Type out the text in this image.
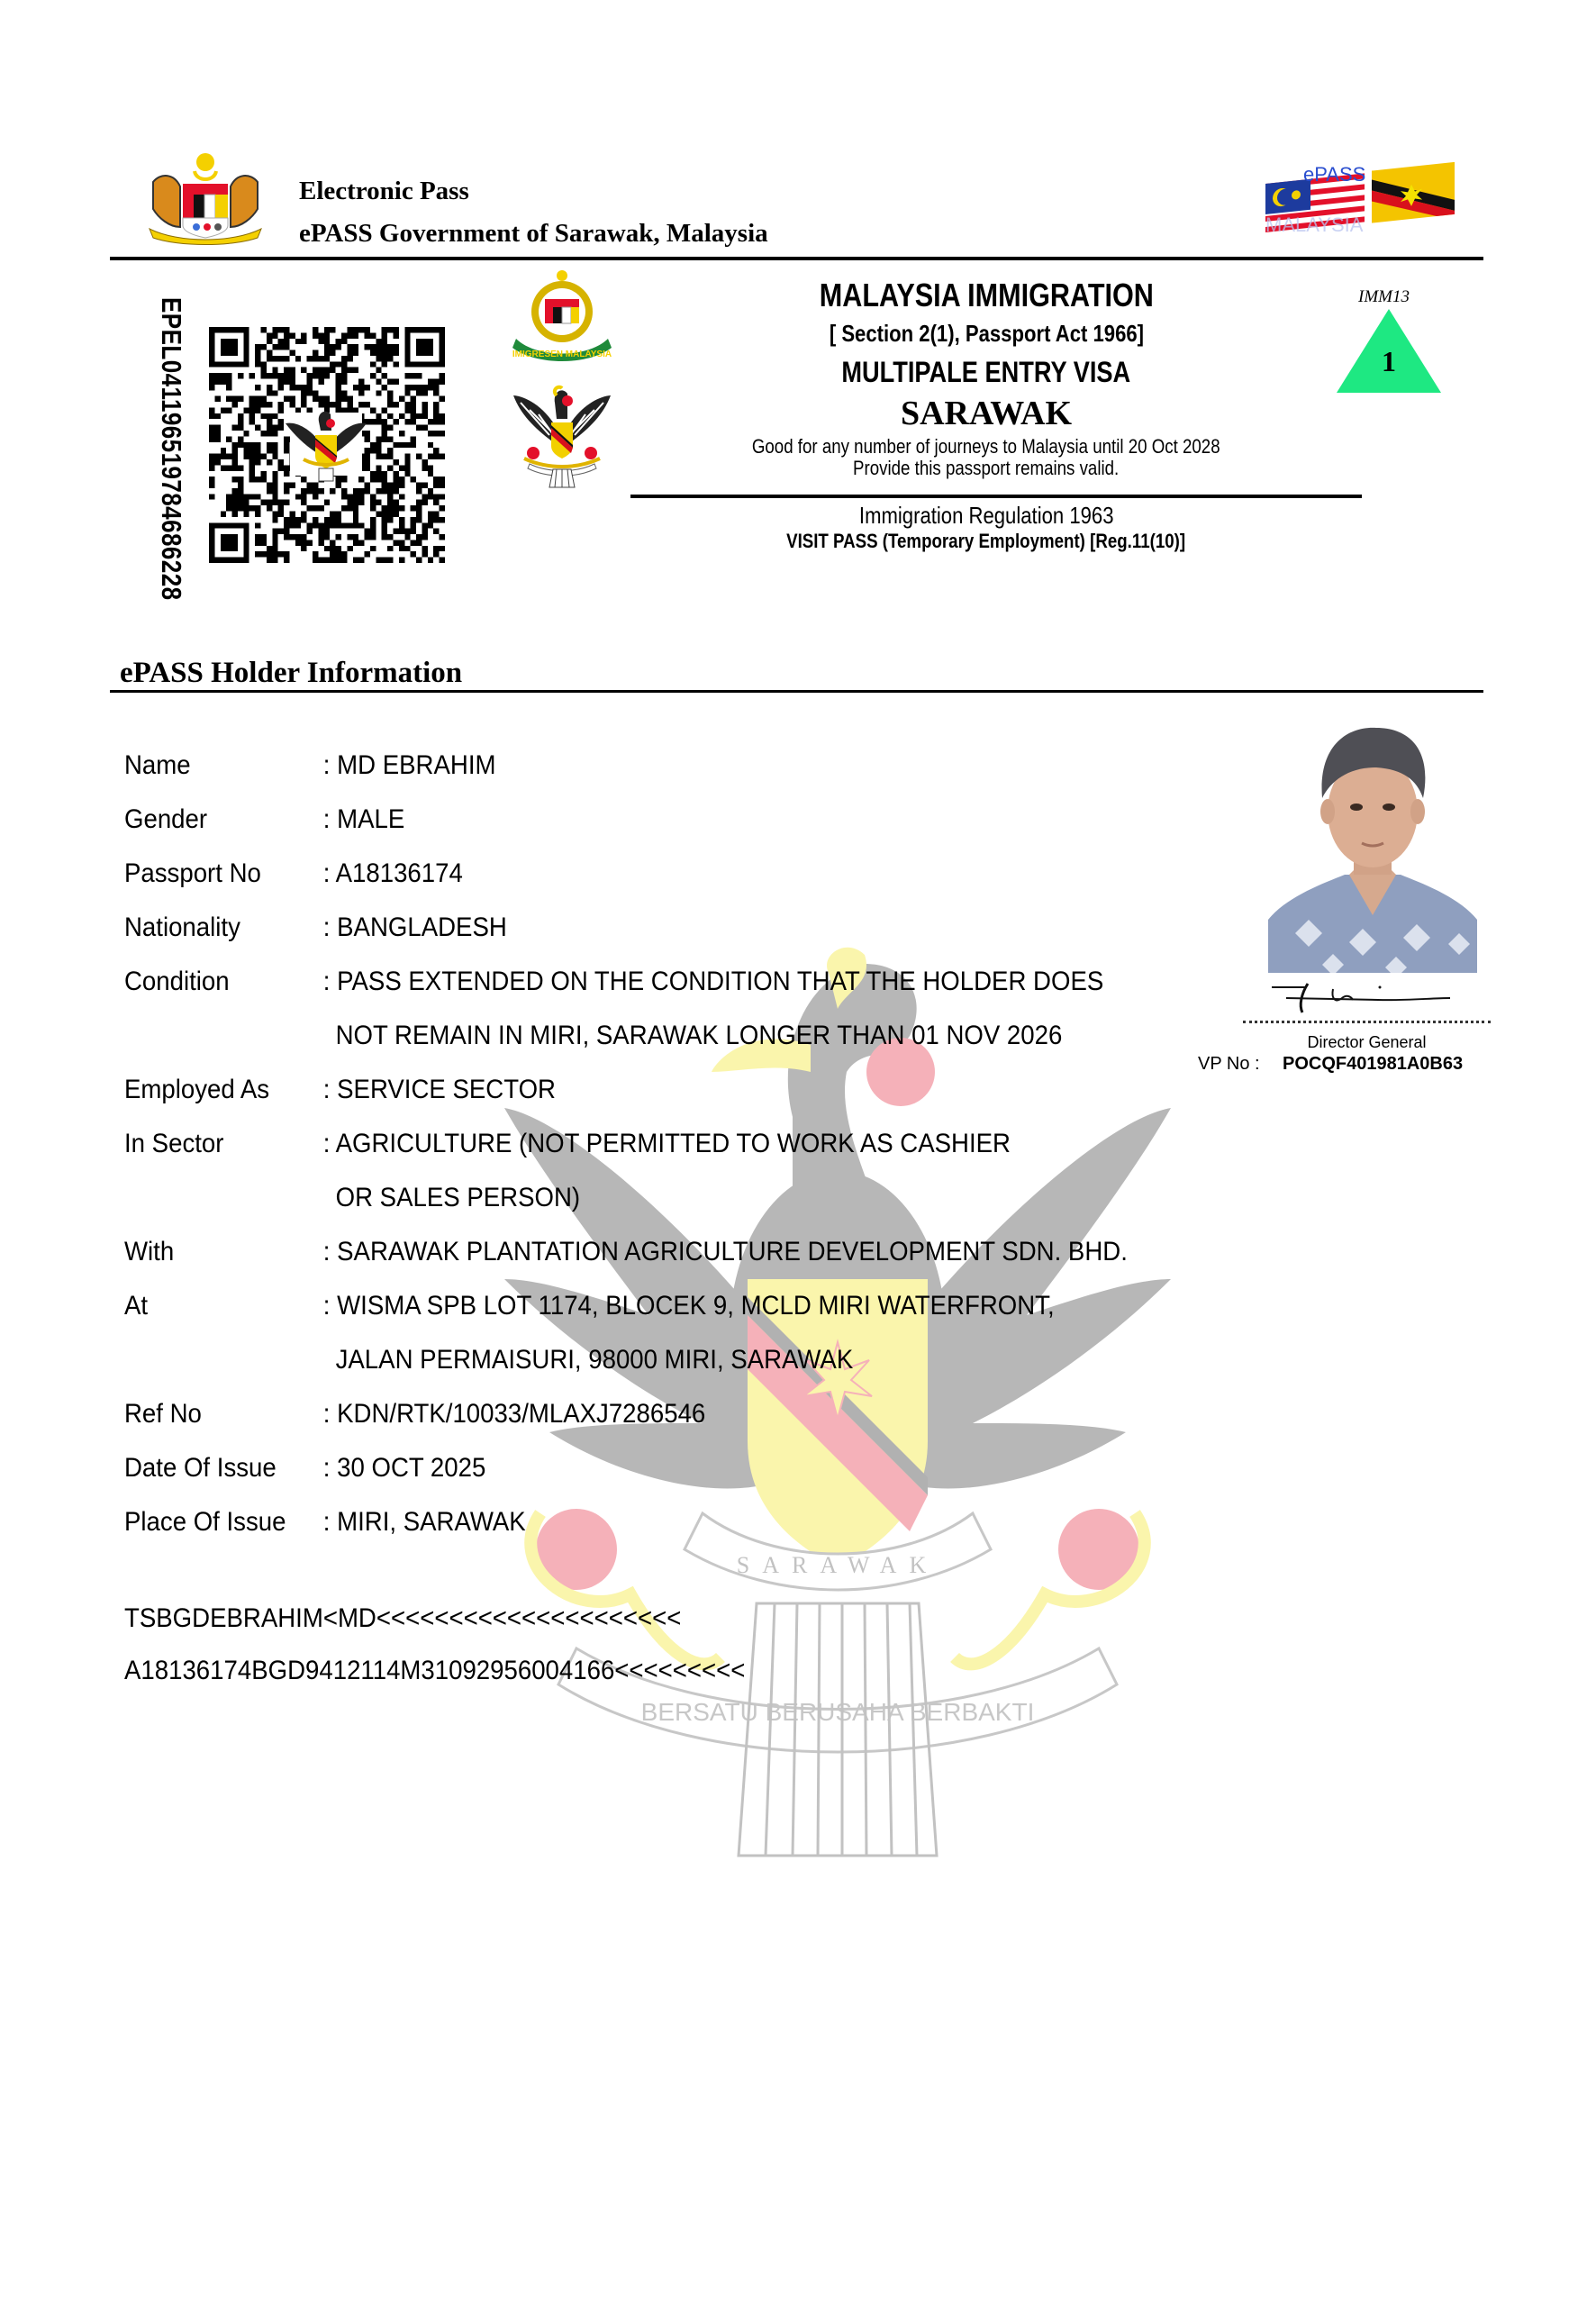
SARAWAK
BERSATU BERUSAHA BERBAKTI
Electronic Pass
ePASS Government of Sarawak, Malaysia
ePASS
MALAYSIA
EPEL041196519784686228	IMIGRESEN MALAYSIA
MALAYSIA IMMIGRATION
[ Section 2(1), Passport Act 1966]
MULTIPALE ENTRY VISA
SARAWAK
Good for any number of journeys to Malaysia until 20 Oct 2028
Provide this passport remains valid.
Immigration Regulation 1963
VISIT PASS (Temporary Employment) [Reg.11(10)]
IMM13
1
ePASS Holder Information
Name	: MD EBRAHIM
Gender	: MALE
Passport No : A18136174
Nationality	: BANGLADESH
Condition	: PASS EXTENDED ON THE CONDITION THAT THE HOLDER DOES
NOT REMAIN IN MIRI, SARAWAK LONGER THAN 01 NOV 2026
Employed As : SERVICE SECTOR
In Sector	: AGRICULTURE (NOT PERMITTED TO WORK AS CASHIER
OR SALES PERSON)
With	: SARAWAK PLANTATION AGRICULTURE DEVELOPMENT SDN. BHD.
At	: WISMA SPB LOT 1174, BLOCEK 9, MCLD MIRI WATERFRONT,
JALAN PERMAISURI, 98000 MIRI, SARAWAK
Ref No	: KDN/RTK/10033/MLAXJ7286546
Date Of Issue : 30 OCT 2025
Place Of Issue : MIRI, SARAWAK
TSBGDEBRAHIM<MD<<<<<<<<<<<<<<<<<<<<<
A18136174BGD9412114M31092956004166<<<<<<<<<
Director General
VP No : POCQF401981A0B63
